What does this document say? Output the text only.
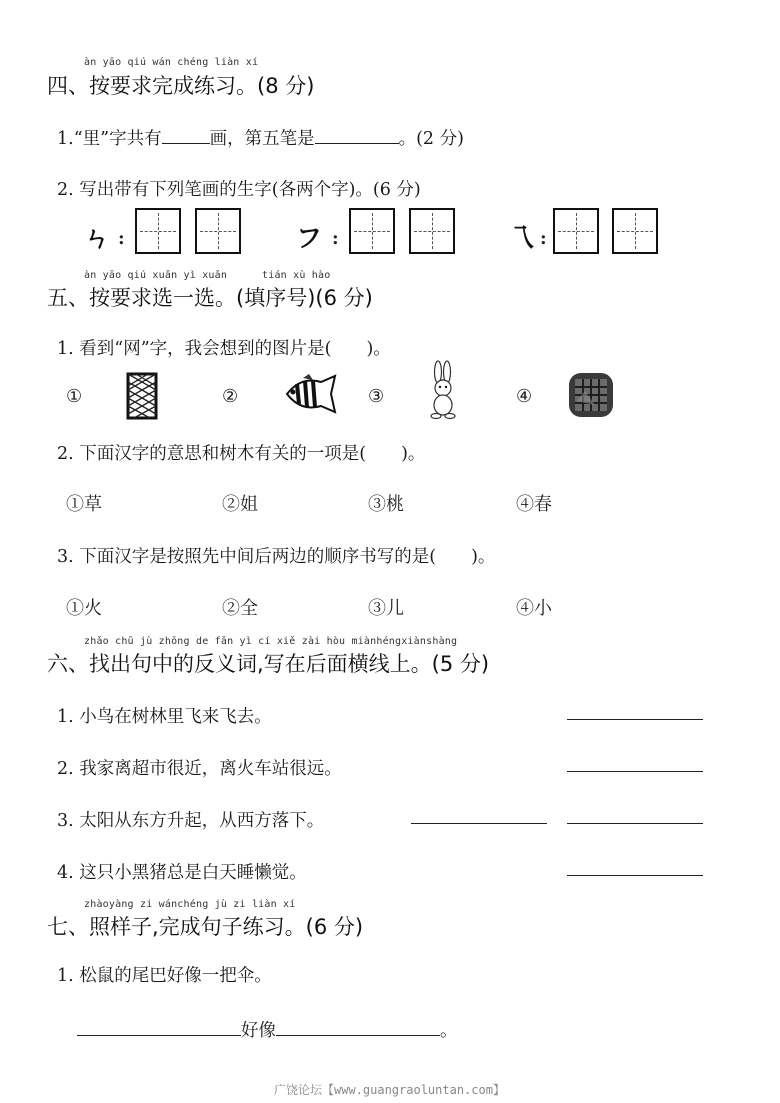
àn yāo qiú wán chéng liàn xí
四、按要求完成练习。(8 分)
1.“里”字共有	画，第五笔是	。(2 分)
2. 写出带有下列笔画的生字(各两个字)。(6 分)
ㄣ :	フ :	乁 :
àn yāo qiú xuǎn yì xuǎn	tián xù hào
五、按要求选一选。(填序号)(6 分)
1. 看到“网”字，我会想到的图片是(　　)。
①	②	③	④
2. 下面汉字的意思和树木有关的一项是(　　)。
①草	②姐	③桃	④春
3. 下面汉字是按照先中间后两边的顺序书写的是(　　)。
①火	②全	③儿	④小
zhǎo chū jù zhōng de fǎn yì cí xiě zài hòu miànhéngxiànshàng
六、找出句中的反义词,写在后面横线上。(5 分)
1. 小鸟在树林里飞来飞去。
2. 我家离超市很近，离火车站很远。
3. 太阳从东方升起，从西方落下。
4. 这只小黑猪总是白天睡懒觉。
zhàoyàng zi wánchéng jù zi liàn xí
七、照样子,完成句子练习。(6 分)
1. 松鼠的尾巴好像一把伞。
好像	。
广饶论坛【www.guangraoluntan.com】
